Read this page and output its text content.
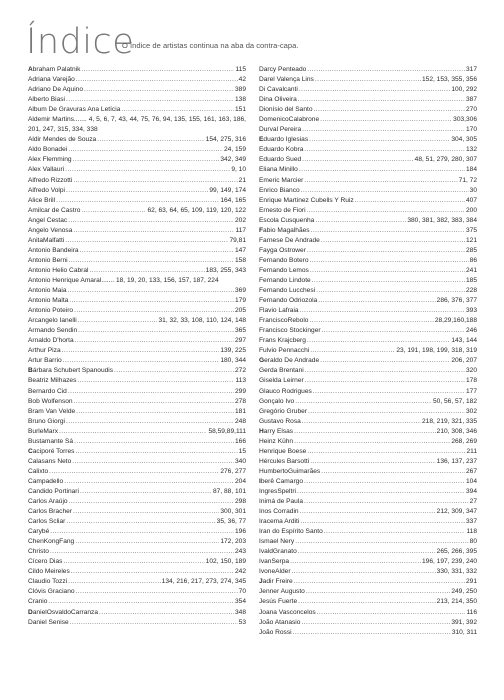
Índice
O índice de artistas continua na aba da contra-capa.
Abraham Palatnik .....	115
Adriana Varejão .....	42
Adriano De Aquino .....	389
Alberto Biasi .....	138
Album De Gravuras Ana Letícia .....	151
Aldemir Martins....... 4, 5, 6, 7, 43, 44, 75, 76, 94, 135, 155, 161, 163, 186, 201, 247, 315, 334, 338
Aldir Mendes de Souza .....	154, 275, 316
Aldo Bonadei .....	24, 159
Alex Flemming .....	342, 349
Alex Vallauri .....	9, 10
Alfredo Rizzotti .....	21
Alfredo Volpi .....	99, 149, 174
Alice Brill .....	164, 165
Amilcar de Castro .....	62, 63, 64, 65, 109, 119, 120, 122
Angel Cestac .....	202
Angelo Venosa .....	117
AnitaMalfatti .....	79,81
Antonio Bandeira .....	147
Antonio Berni .....	158
Antonio Helio Cabral .....	183, 255, 343
Antonio Henrique Amaral....... 18, 19, 20, 133, 156, 157, 187, 224
Antonio Maia .....	369
Antonio Malta .....	179
Antonio Poteiro .....	205
Arcangelo Ianelli .....	31, 32, 33, 108, 110, 124, 148
Armando Sendin .....	365
Arnaldo D'horta .....	297
Arthur Piza .....	139, 225
Artur Barrio .....	180, 344
Bárbara Schubert Spanoudis .....	272
Beatriz Milhazes .....	113
Bernardo Cid .....	299
Bob Wolfenson .....	278
Bram Van Velde .....	181
Bruno Giorgi .....	248
BurleMarx .....	58,59,89,111
Bustamante Sá .....	166
Caciporé Torres .....	15
Calasans Neto .....	340
Calixto .....	276, 277
Campadello .....	204
Candido Portinari .....	87, 88, 101
Carlos Araújo .....	298
Carlos Bracher .....	300, 301
Carlos Scliar .....	35, 36, 77
Carybé .....	196
ChenKongFang .....	172, 203
Christo .....	243
Cícero Dias .....	102, 150, 189
Cildo Meireles .....	242
Claudio Tozzi .....	134, 216, 217, 273, 274, 345
Clóvis Graciano .....	70
Cranio .....	354
DanielOsvaldoCarranza .....	348
Daniel Senise .....	53
Darcy Penteado .....	317
Darel Valença Lins .....	152, 153, 355, 356
Di Cavalcanti .....	100, 292
Dina Oliveira .....	387
Dionísio del Santo .....	270
DomenicoCalabrone .....	303,306
Durval Pereira .....	170
Eduardo Iglesias .....	304, 305
Eduardo Kobra .....	132
Eduardo Sued .....	48, 51, 279, 280, 307
Eliana Minillo .....	184
Emeric Marcier .....	71, 72
Enrico Bianco .....	30
Enrique Martinez Cubells Y Ruiz .....	407
Ernesto de Fiori .....	200
Escola Cusquenha .....	380, 381, 382, 383, 384
Fabio Magalhães .....	375
Farnese De Andrade .....	121
Fayga Ostrower .....	285
Fernando Botero .....	86
Fernando Lemos .....	241
Fernando Lindote .....	185
Fernando Lucchesi .....	228
Fernando Odriozola .....	286, 376, 377
Flavio Lafraia .....	393
FranciscoRebolo .....	28,29,160,188
Francisco Stockinger .....	246
Frans Krajcberg .....	143, 144
Fulvio Pennacchi .....	23, 191, 198, 199, 318, 319
Geraldo De Andrade .....	206, 207
Gerda Brentani .....	320
Giselda Leirner .....	178
Glauco Rodrigues .....	177
Gonçalo Ivo .....	50, 56, 57, 182
Gregório Gruber .....	302
Gustavo Rosa .....	218, 219, 321, 335
Harry Elsas .....	210, 308, 346
Heinz Kühn .....	268, 269
Henrique Boese .....	211
Hércules Barsotti .....	136, 137, 237
HumbertoGuimarães .....	267
Iberê Camargo .....	104
IngresSpeltri .....	394
Inimá de Paula .....	27
Inos Corradin .....	212, 309, 347
Iracema Arditi .....	337
Iran do Espírito Santo .....	118
Ismael Nery .....	80
IvaldGranato .....	265, 266, 395
IvanSerpa .....	196, 197, 239, 240
IvoneAlder .....	330, 331, 332
Jadir Freire .....	291
Jenner Augusto .....	249, 250
Jesús Fuerte .....	213, 214, 350
Joana Vasconcelos .....	116
João Atanasio .....	391, 392
João Rossi .....	310, 311
